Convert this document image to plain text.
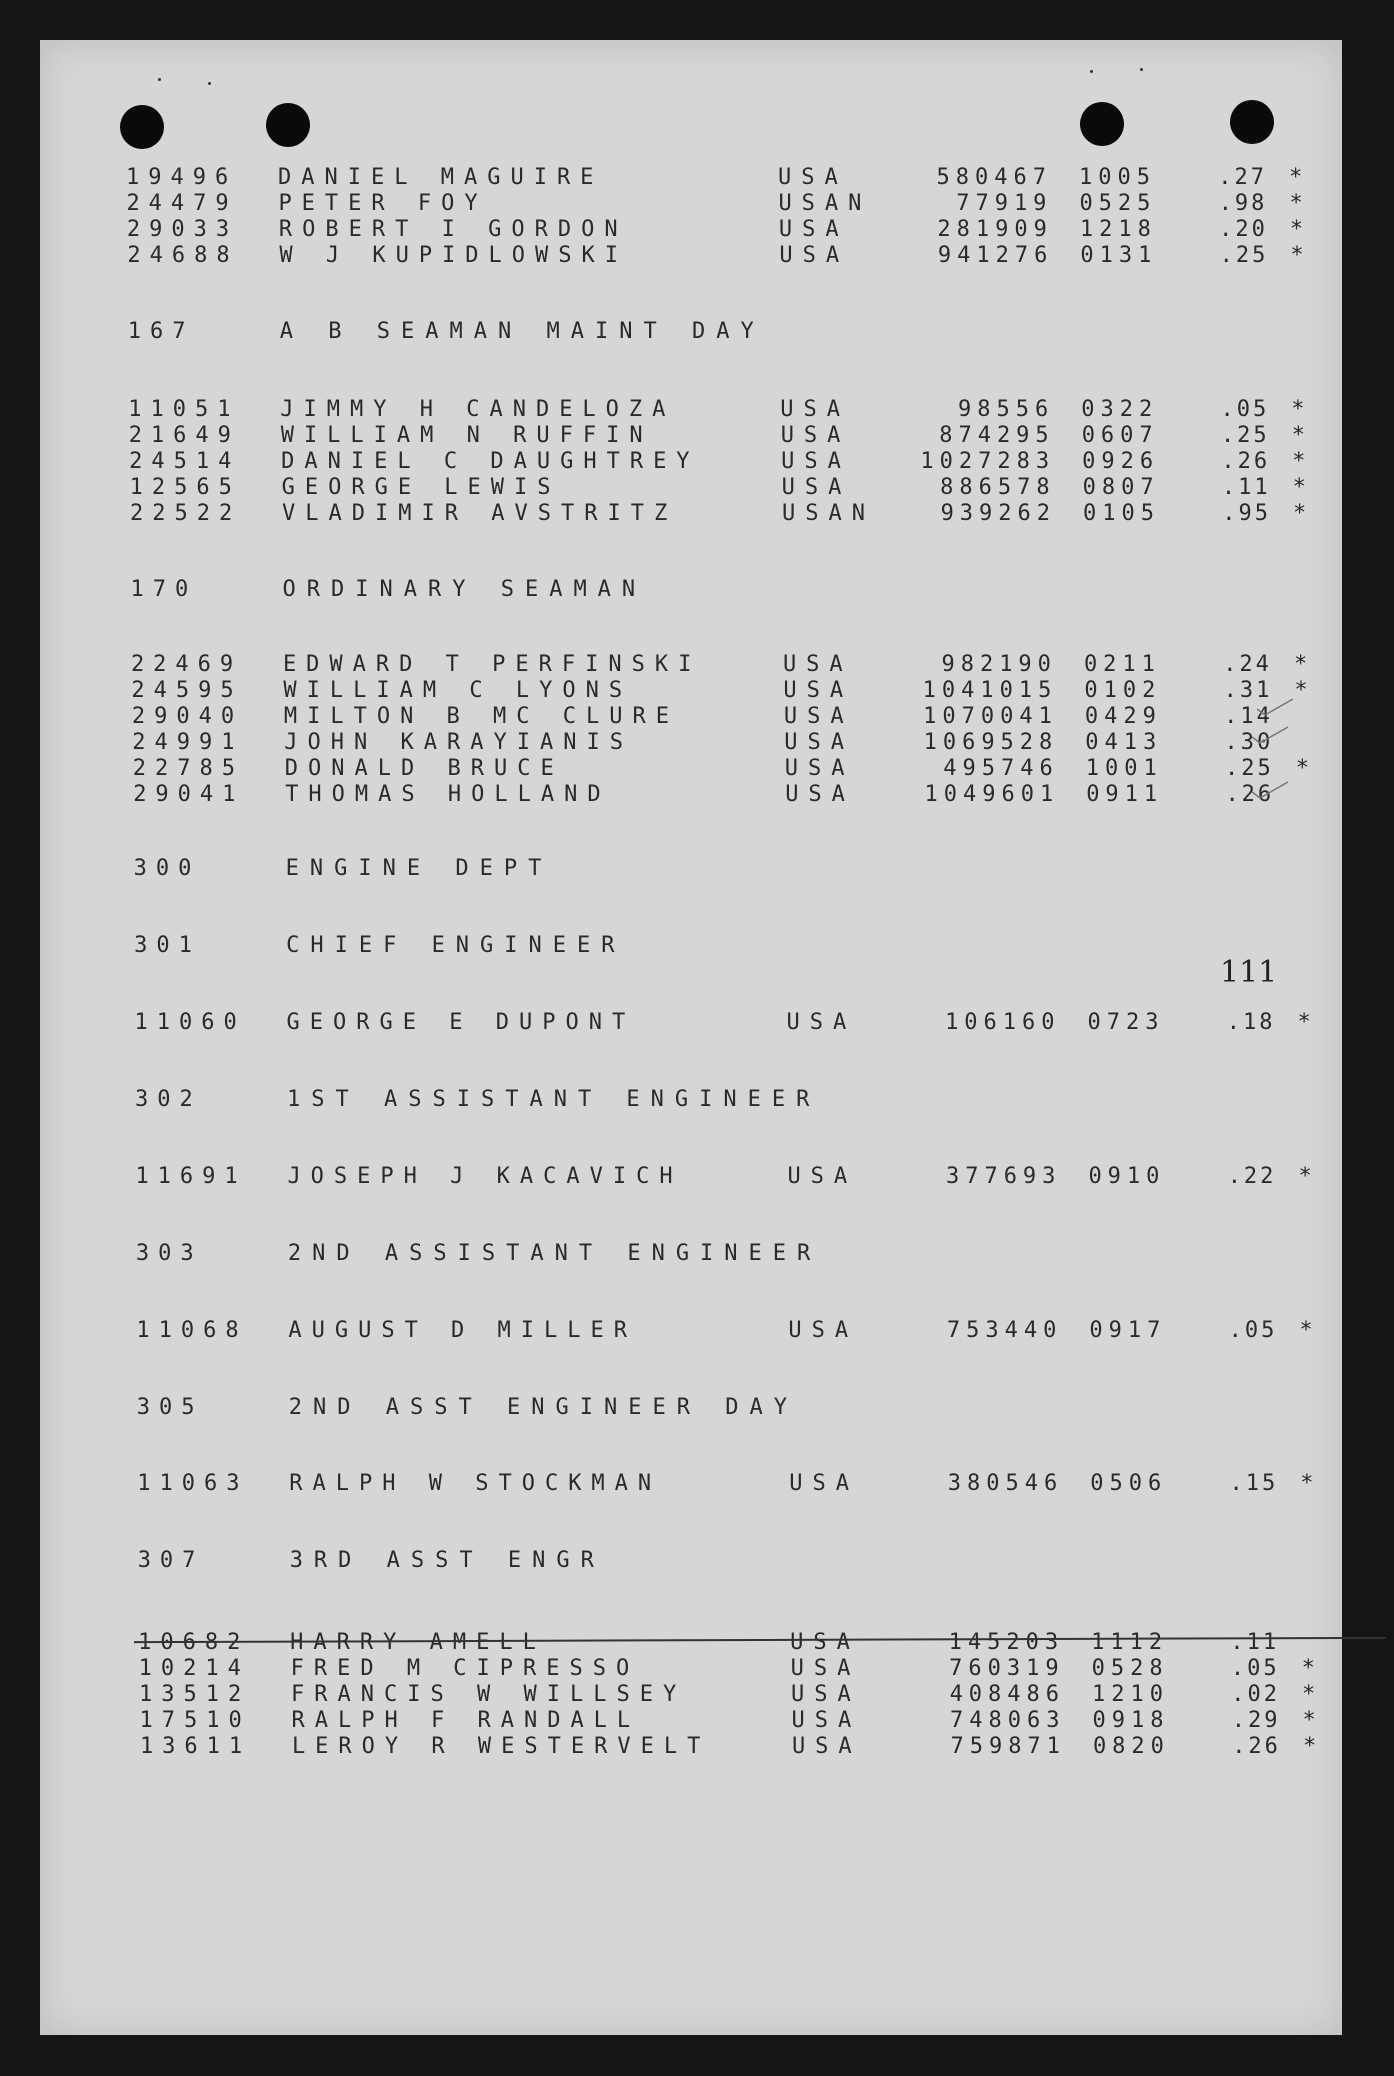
111
19496 DANIEL MAGUIRE	USA	580467 1005	.27 *
24479 PETER FOY	USAN	77919 0525	.98 *
29033 ROBERT I GORDON	USA	281909 1218	.20 *
24688 W J KUPIDLOWSKI	USA	941276 0131	.25 *
167	A B SEAMAN MAINT DAY
11051 JIMMY H CANDELOZA	USA	98556 0322	.05 *
21649 WILLIAM N RUFFIN	USA	874295 0607	.25 *
24514 DANIEL C DAUGHTREY	USA	1027283 0926	.26 *
12565 GEORGE LEWIS	USA	886578 0807	.11 *
22522 VLADIMIR AVSTRITZ	USAN	939262 0105	.95 *
170	ORDINARY SEAMAN
22469 EDWARD T PERFINSKI	USA	982190 0211	.24 *
24595 WILLIAM C LYONS	USA	1041015 0102	.31 *
29040 MILTON B MC CLURE	USA	1070041 0429	.14
24991 JOHN KARAYIANIS	USA	1069528 0413	.30
22785 DONALD BRUCE	USA	495746 1001	.25 *
29041 THOMAS HOLLAND	USA	1049601 0911	.26
300	ENGINE DEPT
301	CHIEF ENGINEER
11060 GEORGE E DUPONT	USA	106160 0723	.18 *
302	1ST ASSISTANT ENGINEER
11691 JOSEPH J KACAVICH	USA	377693 0910	.22 *
303	2ND ASSISTANT ENGINEER
11068 AUGUST D MILLER	USA	753440 0917	.05 *
305	2ND ASST ENGINEER DAY
11063 RALPH W STOCKMAN	USA	380546 0506	.15 *
307	3RD ASST ENGR
10682 HARRY AMELL	USA	145203 1112	.11
10214 FRED M CIPRESSO	USA	760319 0528	.05 *
13512 FRANCIS W WILLSEY	USA	408486 1210	.02 *
17510 RALPH F RANDALL	USA	748063 0918	.29 *
13611 LEROY R WESTERVELT	USA	759871 0820	.26 *
